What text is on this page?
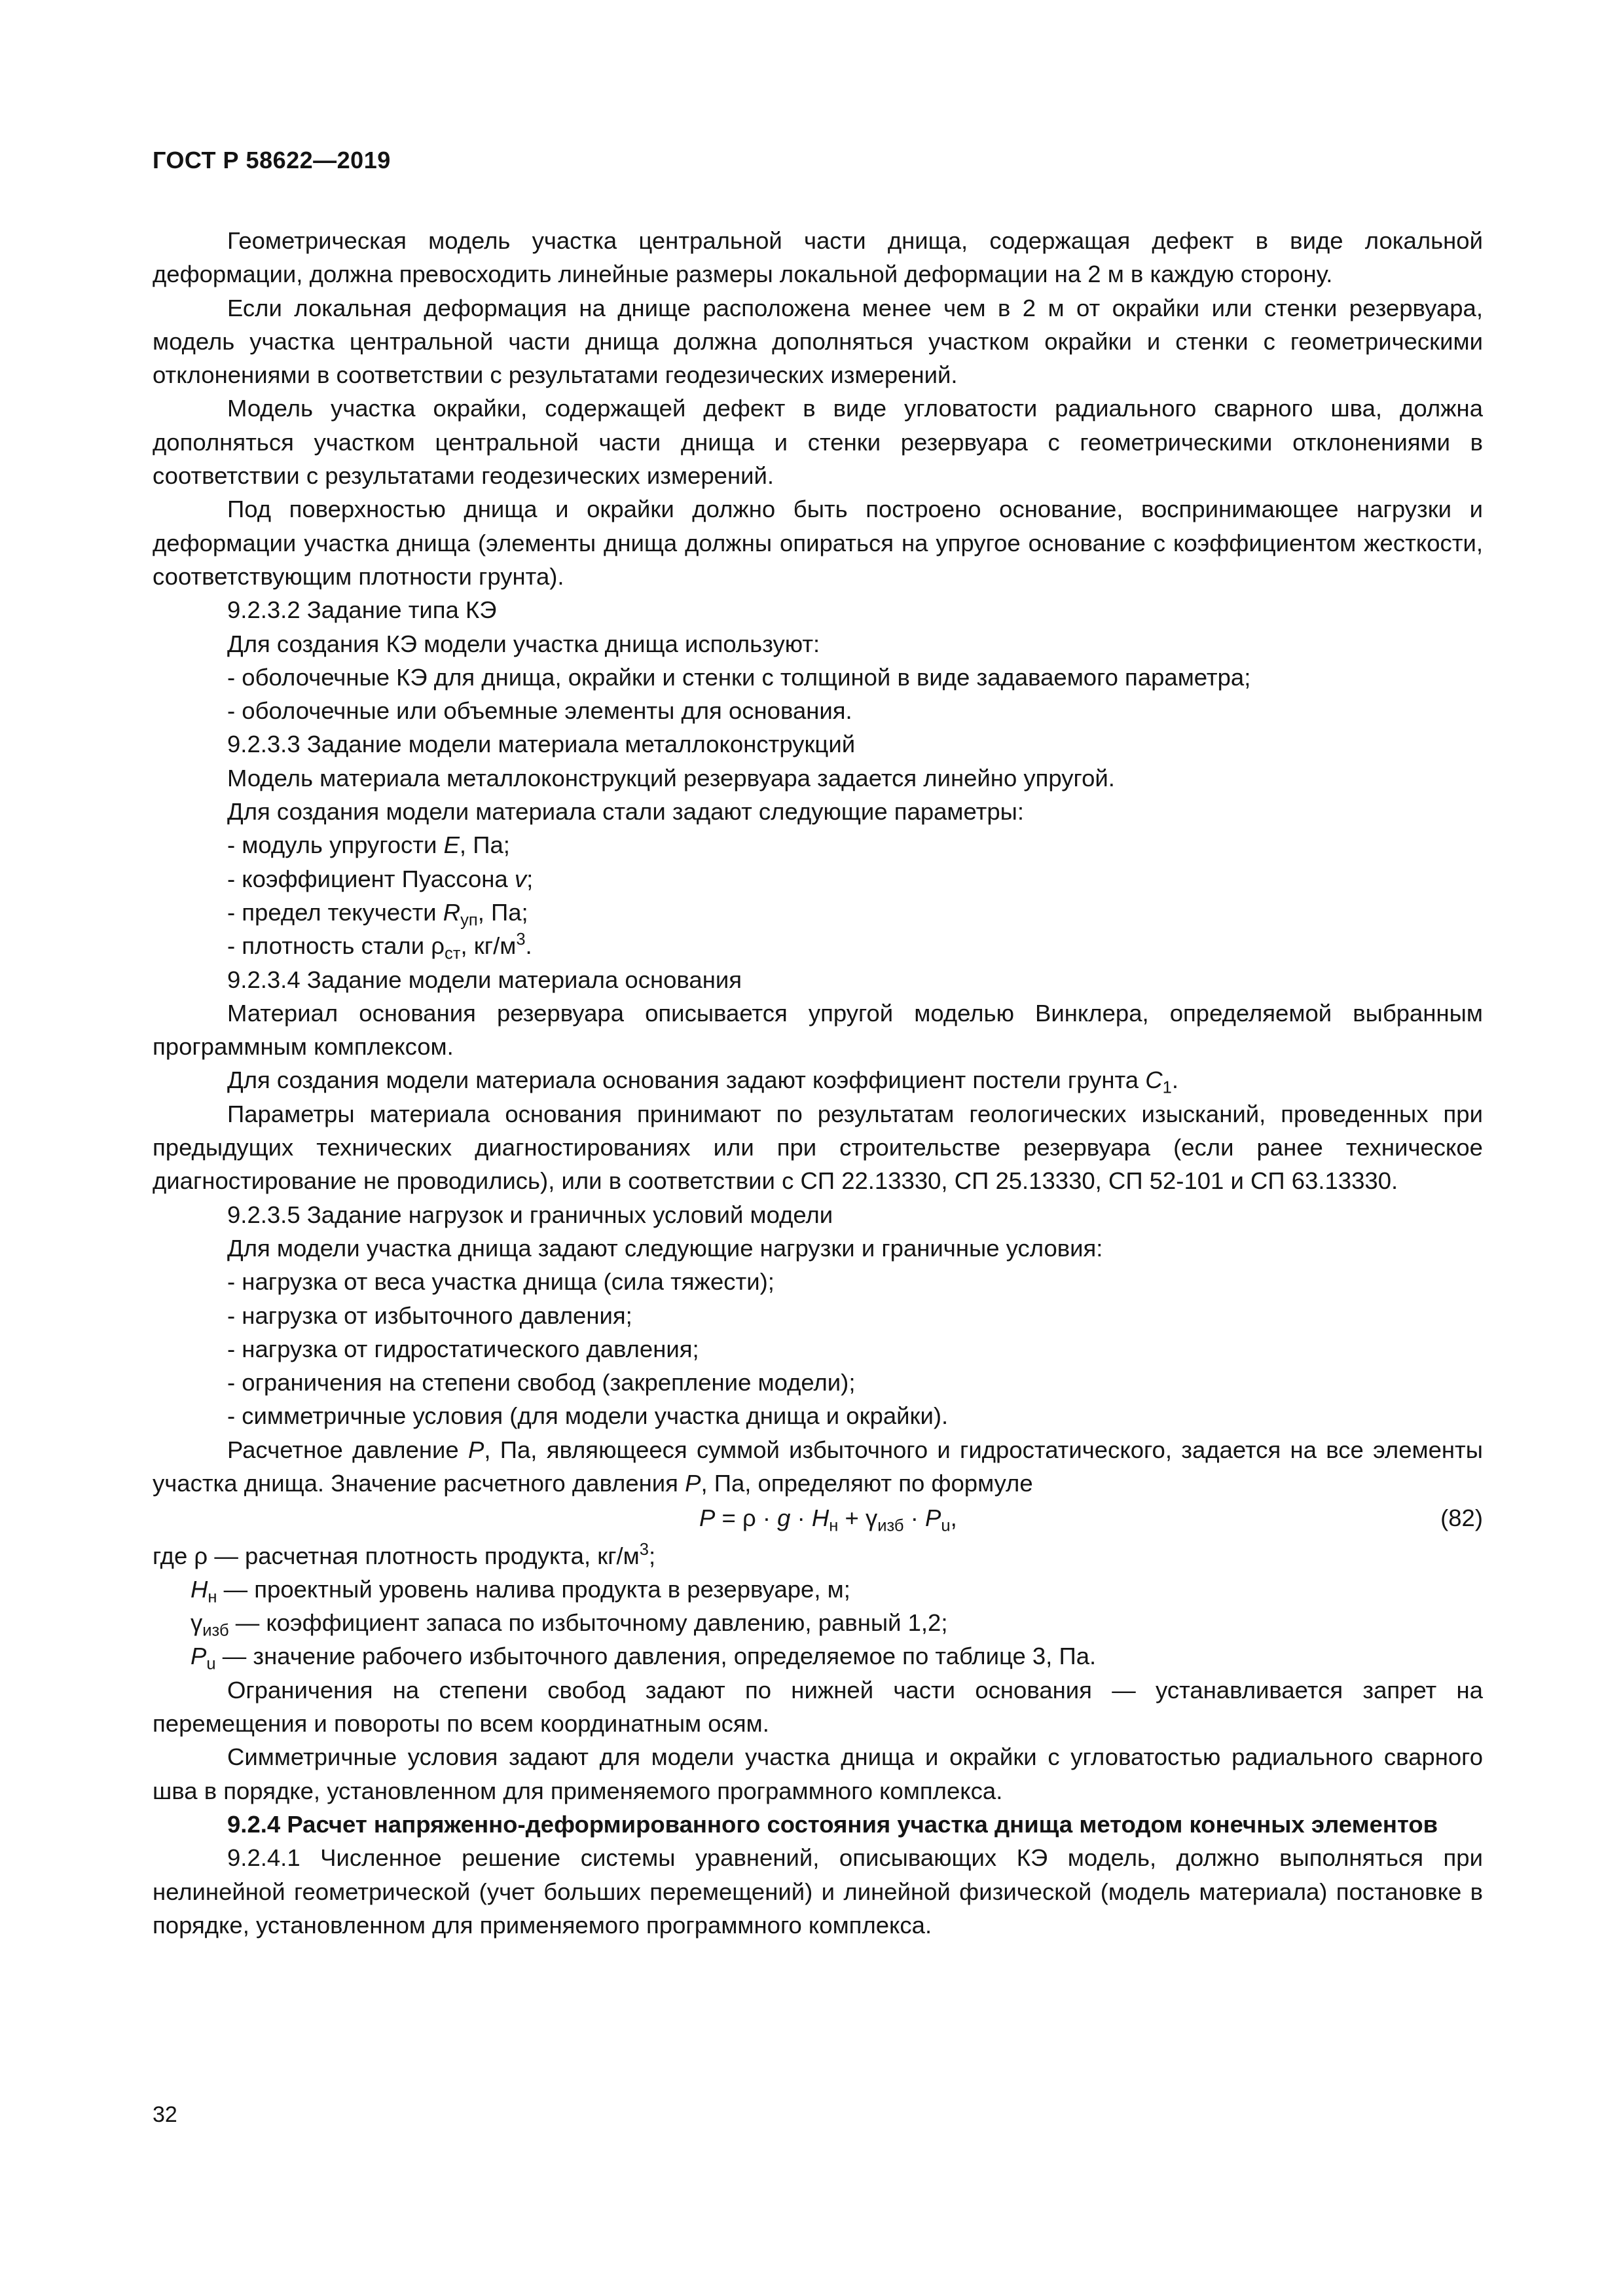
ГОСТ Р 58622—2019

Геометрическая модель участка центральной части днища, содержащая дефект в виде локальной деформации, должна превосходить линейные размеры локальной деформации на 2 м в каждую сторону.

Если локальная деформация на днище расположена менее чем в 2 м от окрайки или стенки резервуара, модель участка центральной части днища должна дополняться участком окрайки и стенки с геометрическими отклонениями в соответствии с результатами геодезических измерений.

Модель участка окрайки, содержащей дефект в виде угловатости радиального сварного шва, должна дополняться участком центральной части днища и стенки резервуара с геометрическими отклонениями в соответствии с результатами геодезических измерений.

Под поверхностью днища и окрайки должно быть построено основание, воспринимающее нагрузки и деформации участка днища (элементы днища должны опираться на упругое основание с коэффициентом жесткости, соответствующим плотности грунта).

9.2.3.2 Задание типа КЭ

Для создания КЭ модели участка днища используют:

- оболочечные КЭ для днища, окрайки и стенки с толщиной в виде задаваемого параметра;

- оболочечные или объемные элементы для основания.

9.2.3.3 Задание модели материала металлоконструкций

Модель материала металлоконструкций резервуара задается линейно упругой.

Для создания модели материала стали задают следующие параметры:

- модуль упругости E, Па;

- коэффициент Пуассона v;

- предел текучести $R_{уп}$, Па;

- плотность стали $\rho_{ст}$, $кг/м^3$.

9.2.3.4 Задание модели материала основания

Материал основания резервуара описывается упругой моделью Винклера, определяемой выбранным программным комплексом.

Для создания модели материала основания задают коэффициент постели грунта $C_1$.

Параметры материала основания принимают по результатам геологических изысканий, проведенных при предыдущих технических диагностированиях или при строительстве резервуара (если ранее техническое диагностирование не проводились), или в соответствии с СП 22.13330, СП 25.13330, СП 52-101 и СП 63.13330.

9.2.3.5 Задание нагрузок и граничных условий модели

Для модели участка днища задают следующие нагрузки и граничные условия:

- нагрузка от веса участка днища (сила тяжести);

- нагрузка от избыточного давления;

- нагрузка от гидростатического давления;

- ограничения на степени свобод (закрепление модели);

- симметричные условия (для модели участка днища и окрайки).

Расчетное давление P, Па, являющееся суммой избыточного и гидростатического, задается на все элементы участка днища. Значение расчетного давления P, Па, определяют по формуле

$P = \rho \cdot g \cdot H_н + \gamma_{изб} \cdot P_u$,	(82)

где ρ — расчетная плотность продукта, $кг/м^3$;

$H_н$ — проектный уровень налива продукта в резервуаре, м;

$\gamma_{изб}$ — коэффициент запаса по избыточному давлению, равный 1,2;

$P_u$ — значение рабочего избыточного давления, определяемое по таблице 3, Па.

Ограничения на степени свобод задают по нижней части основания — устанавливается запрет на перемещения и повороты по всем координатным осям.

Симметричные условия задают для модели участка днища и окрайки с угловатостью радиального сварного шва в порядке, установленном для применяемого программного комплекса.

9.2.4 Расчет напряженно-деформированного состояния участка днища методом конечных элементов

9.2.4.1 Численное решение системы уравнений, описывающих КЭ модель, должно выполняться при нелинейной геометрической (учет больших перемещений) и линейной физической (модель материала) постановке в порядке, установленном для применяемого программного комплекса.

32
